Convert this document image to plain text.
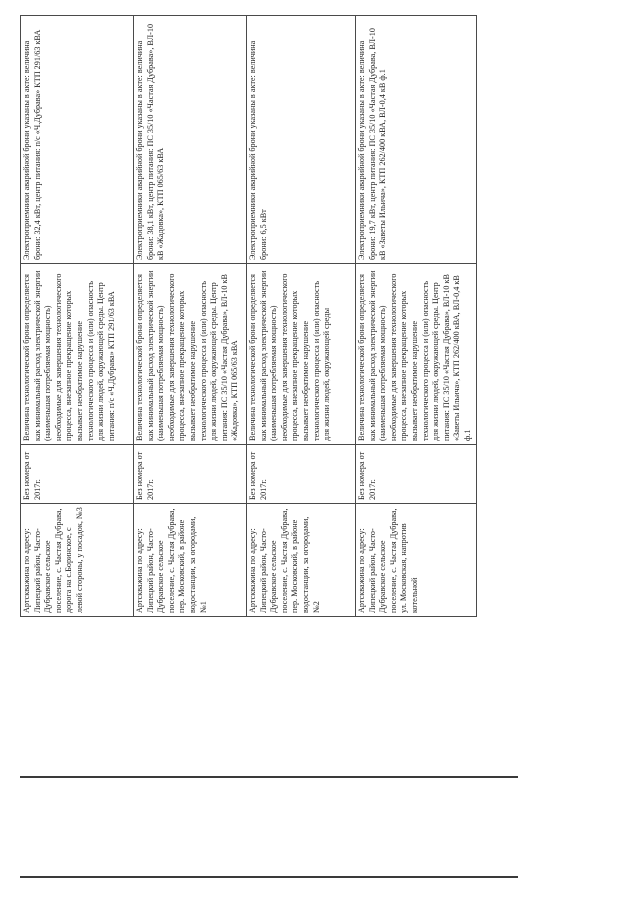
Артскважина по адресу: Липецкий район, Часто-Дубравское сельское поселение, с. Частая Дубрава, дорога на с.Боринское, с левой стороны, у посадок, №3	Без номера от 2017г.	Величина технологической брони определяется как минимальный расход электрической энергии (наименьшая потребляемая мощность) необходимые для завершения технологического процесса, внезапное прекращение которых вызывает необратимое нарушение технологического процесса и (или) опасность для жизни людей, окружающей среды. Центр питания: п/с «Ч.Дубрава» КТП 291/63 кВА	Электроприемники аварийной брони указаны в акте: величина брони: 32,4 кВт, центр питания: п/с «Ч.Дубрава» КТП 291/63 кВА
Артскважина по адресу: Липецкий район, Часто-Дубравское сельское поселение, с. Частая Дубрава, пер. Московский, в районе водостанции, за огородами, №1	Без номера от 2017г.	Величина технологической брони определяется как минимальный расход электрической энергии (наименьшая потребляемая мощность) необходимые для завершения технологического процесса, внезапное прекращение которых вызывает необратимое нарушение технологического процесса и (или) опасность для жизни людей, окружающей среды. Центр питания: ПС 35/10 «Частая Дубрава», ВЛ-10 кВ «Жадовка», КТП 065/63 кВА	Электроприемники аварийной брони указаны в акте: величина брони: 38,1 кВт, центр питания: ПС 35/10 «Частая Дубрава», ВЛ-10 кВ «Жадовка», КТП 065/63 кВА
Артскважина по адресу: Липецкий район, Часто-Дубравское сельское поселение, с. Частая Дубрава, пер. Московский, в районе водостанции, за огородами, №2	Без номера от 2017г.	Величина технологической брони определяется как минимальный расход электрической энергии (наименьшая потребляемая мощность) необходимые для завершения технологического процесса, внезапное прекращение которых вызывает необратимое нарушение технологического процесса и (или) опасность для жизни людей, окружающей среды	Электроприемники аварийной брони указаны в акте: величина брони: 6,5 кВт
Артскважина по адресу: Липецкий район, Часто-Дубравское сельское поселение, с. Частая Дубрава, ул. Московская, напротив котельной	Без номера от 2017г.	Величина технологической брони определяется как минимальный расход электрической энергии (наименьшая потребляемая мощность) необходимые для завершения технологического процесса, внезапное прекращение которых вызывает необратимое нарушение технологического процесса и (или) опасность для жизни людей, окружающей среды. Центр питания: ПС 35/10 «Частая Дубрава», ВЛ-10 кВ «Заветы Ильича», КТП 262/400 кВА, ВЛ-0,4 кВ ф.1	Электроприемники аварийной брони указаны в акте: величина брони: 19,7 кВт, центр питания: ПС 35/10 «Частая Дубрава, ВЛ-10 кВ «Заветы Ильича», КТП 262/400 кВА, ВЛ-0,4 кВ ф.1
